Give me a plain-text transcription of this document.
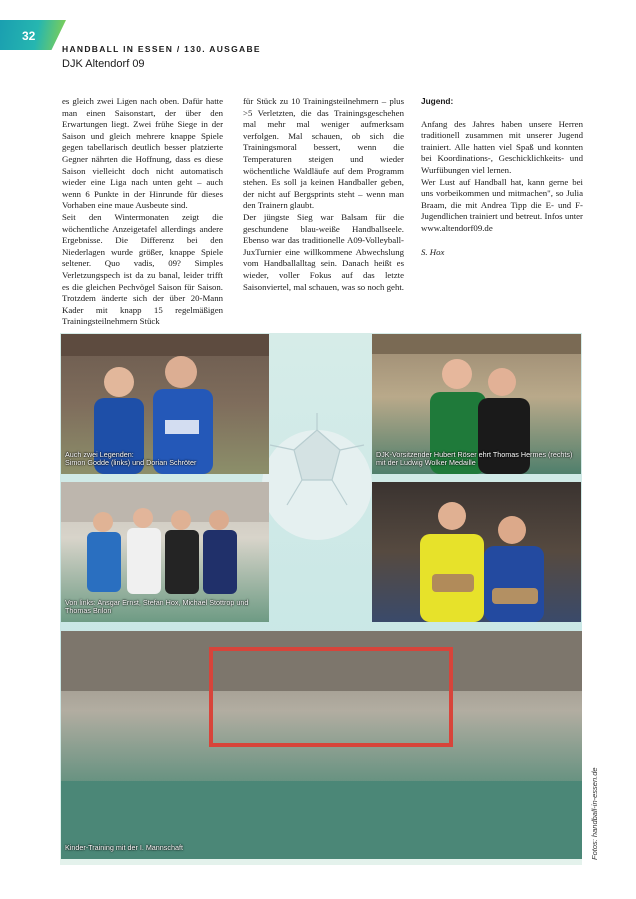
32
HANDBALL IN ESSEN / 130. AUSGABE
DJK Altendorf 09

es gleich zwei Ligen nach oben. Dafür hatte man einen Saisonstart, der über den Erwartungen liegt. Zwei frühe Siege in der Saison und gleich mehrere knappe Spiele gegen tabellarisch deutlich besser platzierte Gegner nährten die Hoffnung, dass es diese Saison vielleicht doch nicht automatisch wieder eine Liga nach unten geht – auch wenn 6 Punkte in der Hinrunde für dieses Vorhaben eine maue Ausbeute sind.

Seit den Wintermonaten zeigt die wöchentliche Anzeigetafel allerdings andere Ergebnisse. Die Differenz bei den Niederlagen wurde größer, knappe Spiele seltener. Quo vadis, 09? Simples Verletzungspech ist da zu banal, leider trifft es die gleichen Pechvögel Saison für Saison. Trotzdem änderte sich der über 20-Mann Kader mit knapp 15 regelmäßigen Trainingsteilnehmern Stück

für Stück zu 10 Trainingsteilnehmern – plus >5 Verletzten, die das Trainingsgeschehen mal mehr mal weniger aufmerksam verfolgen. Mal schauen, ob sich die Trainingsmoral bessert, wenn die Temperaturen steigen und wieder wöchentliche Waldläufe auf dem Programm stehen. Es soll ja keinen Handballer geben, der nicht auf Bergsprints steht – wenn man den Trainern glaubt.

Der jüngste Sieg war Balsam für die geschundene blau-weiße Handballseele. Ebenso war das traditionelle A09-Volleyball-JuxTurnier eine willkommene Abwechslung vom Handballalltag sein. Danach heißt es wieder, voller Fokus auf das letzte Saisonviertel, mal schauen, was so noch geht.

Jugend:

Anfang des Jahres haben unsere Herren traditionell zusammen mit unserer Jugend trainiert. Alle hatten viel Spaß und konnten bei Koordinations-, Geschicklichkeits- und Wurfübungen viel lernen.

Wer Lust auf Handball hat, kann gerne bei uns vorbeikommen und mitmachen", so Julia Braam, die mit Andrea Tipp die E- und F-Jugendlichen trainiert und betreut. Infos unter www.altendorf09.de

S. Hox

Auch zwei Legenden:
Simon Godde (links) und Dorian Schröter
DJK-Vorsitzender Hubert Röser ehrt Thomas Hermes (rechts) mit der Ludwig Wolker Medaille
Von links: Ansgar Ernst, Stefan Hox, Michael Stottrop und Thomas Brilon
Kinder-Training mit der I. Mannschaft	Fotos: handball-in-essen.de
